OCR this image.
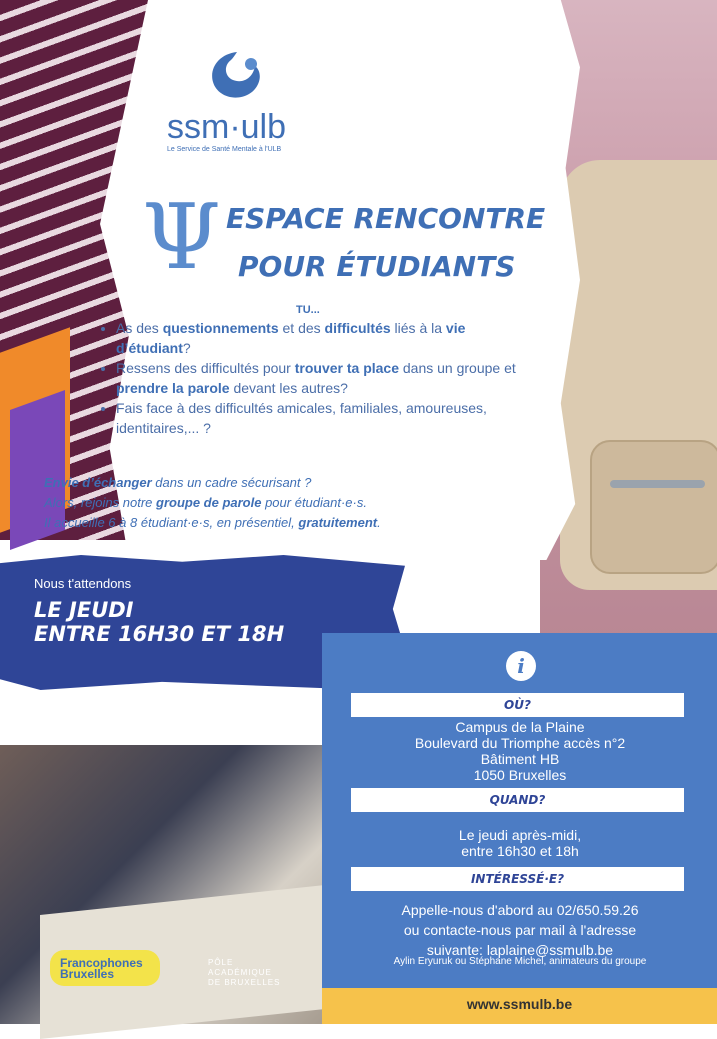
ssm·ulb
Le Service de Santé Mentale à l'ULB
Ψ ESPACE RENCONTRE
POUR ÉTUDIANTS
TU...
• As des questionnements et des difficultés liés à la vie d’étudiant?
• Ressens des difficultés pour trouver ta place dans un groupe et prendre la parole devant les autres?
• Fais face à des difficultés amicales, familiales, amoureuses, identitaires,... ?
Envie d’échanger dans un cadre sécurisant ?
Alors, rejoins notre groupe de parole pour étudiant·e·s.
Il accueille 6 à 8 étudiant·e·s, en présentiel, gratuitement.
Nous t'attendons
LE JEUDI
ENTRE 16H30 ET 18H
Francophones
Bruxelles
PÔLE
ACADÉMIQUE
DE BRUXELLES
i
OÙ?
Campus de la Plaine
Boulevard du Triomphe accès n°2
Bâtiment HB
1050 Bruxelles
QUAND?
Le jeudi après-midi,
entre 16h30 et 18h
INTÉRESSÉ·E?
Appelle-nous d'abord au 02/650.59.26
ou contacte-nous par mail à l'adresse
suivante: laplaine@ssmulb.be
Aylin Eryuruk ou Stéphane Michel, animateurs du groupe
www.ssmulb.be
